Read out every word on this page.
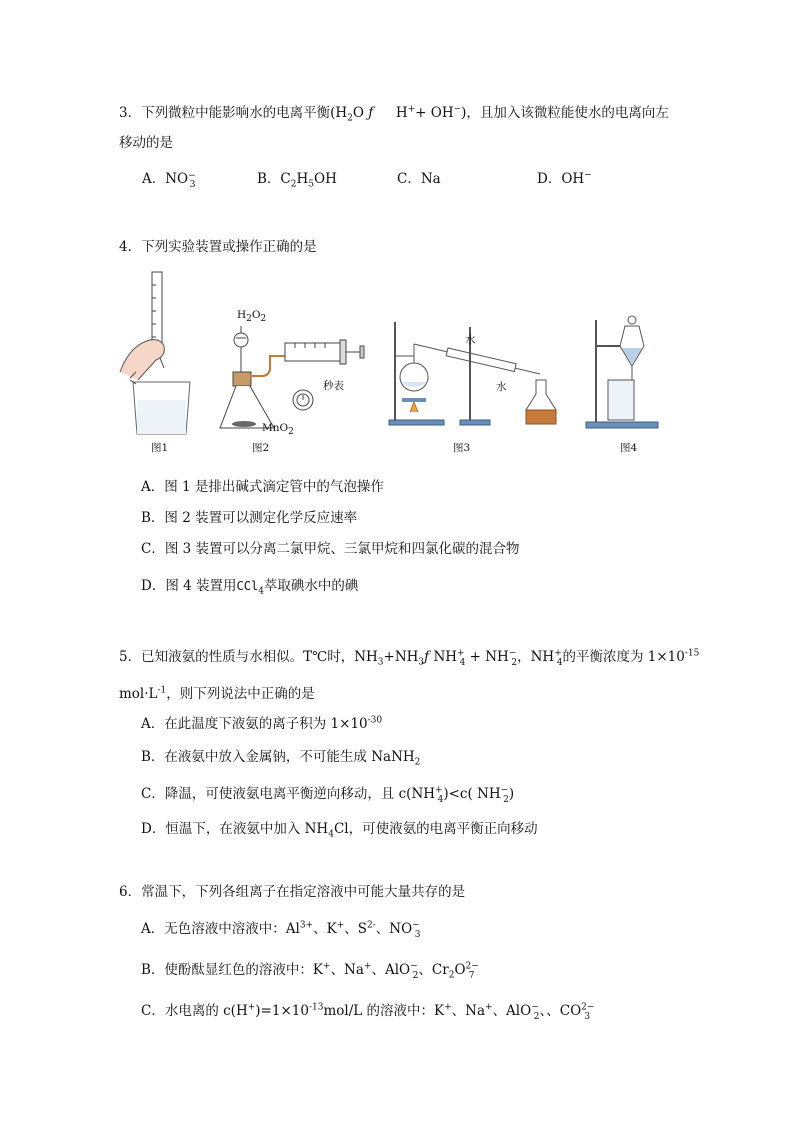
3．下列微粒中能影响水的电离平衡($H_2O$ ƒ  H++ OH−)，且加入该微粒能使水的电离向左
移动的是
A．$NO^-_3$	B．$C_2H_5OH$	C．Na	D．OH−
4．下列实验装置或操作正确的是
$H_2O_2$
秒表
MnO$_2$
水
水
图1	图2	图3	图4
A．图 1 是排出碱式滴定管中的气泡操作
B．图 2 装置可以测定化学反应速率
C．图 3 装置可以分离二氯甲烷、三氯甲烷和四氯化碳的混合物
D．图 4 装置用CCl$_4$萃取碘水中的碘
5．已知液氨的性质与水相似。T℃时，$NH_3+NH_3ƒ$ $NH^+_4 + NH^-_2$，$NH^+_4$的平衡浓度为 $1\times 10^{-15}$
$mol\cdot L^{-1}$，则下列说法中正确的是
A．在此温度下液氨的离子积为 $1\times 10^{-30}$
B．在液氨中放入金属钠，不可能生成 NaNH$_2$
C．降温，可使液氨电离平衡逆向移动，且 $c(NH^+_4)<c$( $NH^-_2$)
D．恒温下，在液氨中加入 $NH_4Cl$，可使液氨的电离平衡正向移动
6．常温下，下列各组离子在指定溶液中可能大量共存的是
A．无色溶液中溶液中：$Al^{3+}$、K+、$S^{2-}$、$NO^-_3$
B．使酚酞显红色的溶液中：K+、Na+、AlO−$_2$、$Cr_2O^{2-}_7$
C．水电离的 $c(H^+)=1\times 10^{-13}mol/L$ 的溶液中：K+、Na+、AlO−$_2$、、$CO^{2-}_3$
